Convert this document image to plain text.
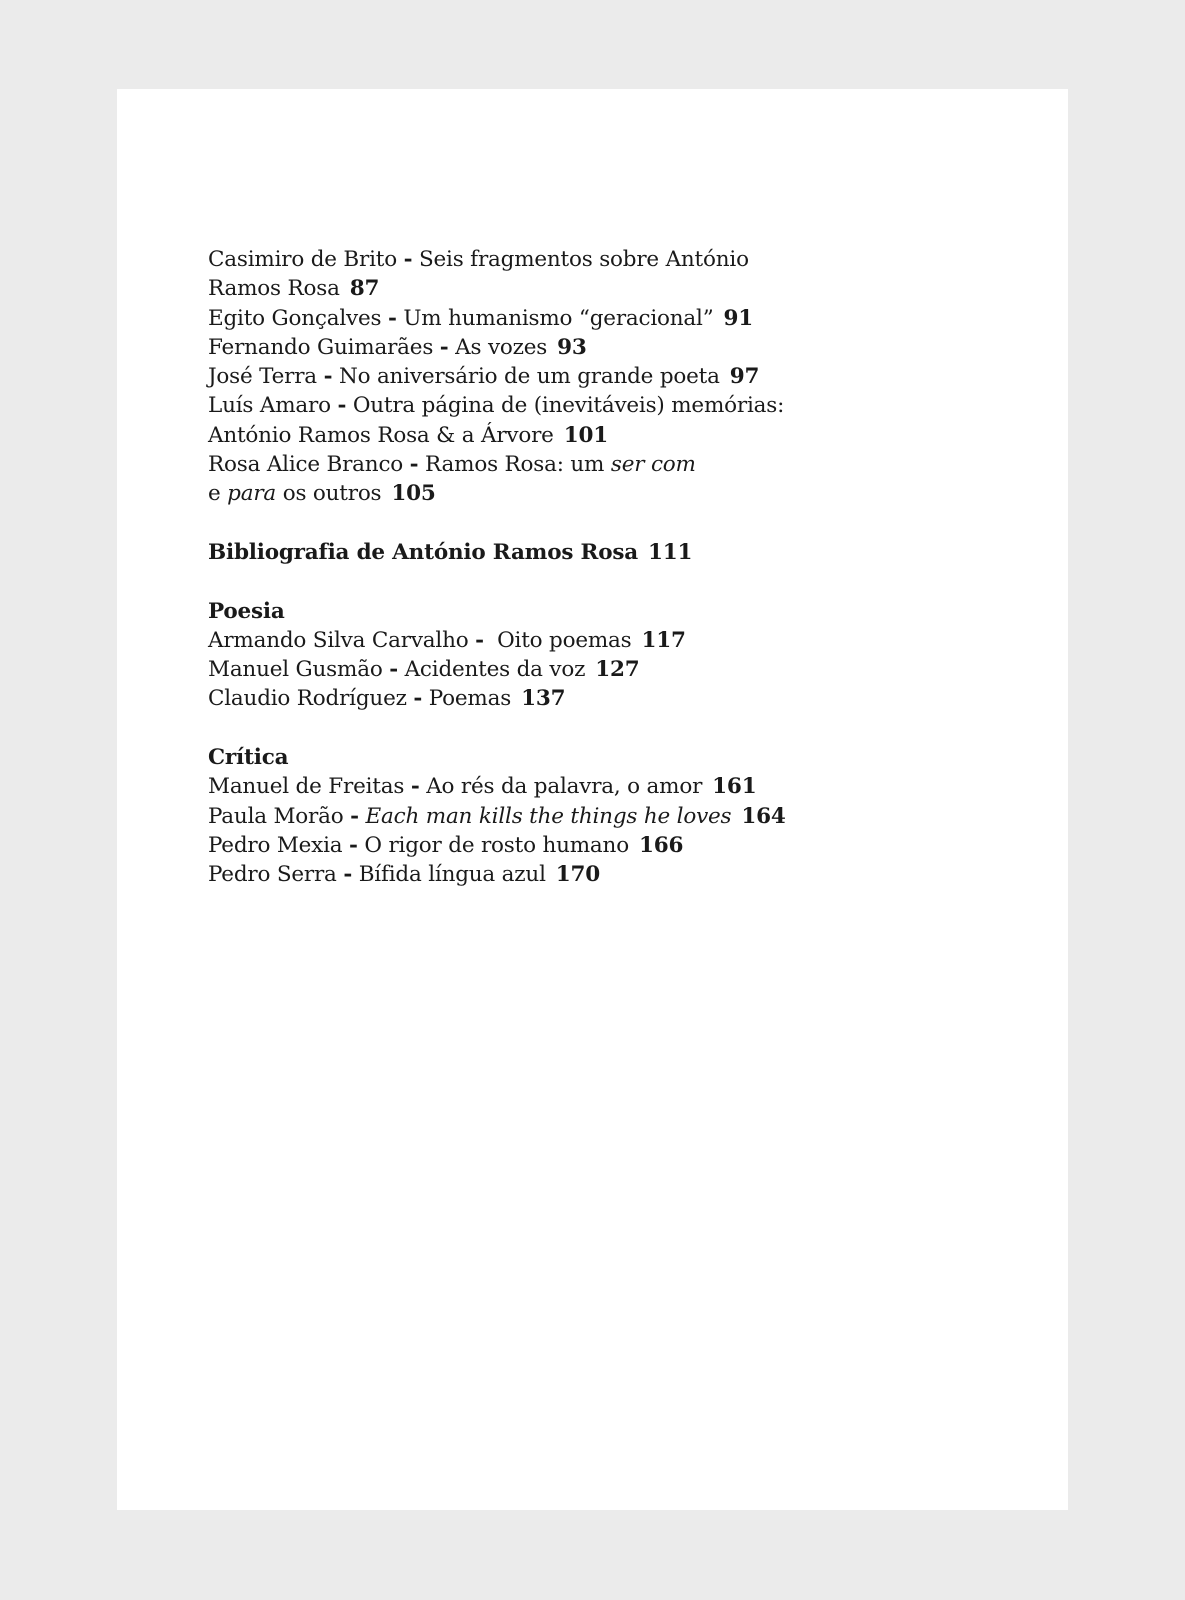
Casimiro de Brito - Seis fragmentos sobre António
Ramos Rosa 87
Egito Gonçalves - Um humanismo “geracional” 91
Fernando Guimarães - As vozes 93
José Terra - No aniversário de um grande poeta 97
Luís Amaro - Outra página de (inevitáveis) memórias:
António Ramos Rosa & a Árvore 101
Rosa Alice Branco - Ramos Rosa: um ser com
e para os outros 105
Bibliografia de António Ramos Rosa 111
Poesia
Armando Silva Carvalho -  Oito poemas 117
Manuel Gusmão - Acidentes da voz 127
Claudio Rodríguez - Poemas 137
Crítica
Manuel de Freitas - Ao rés da palavra, o amor 161
Paula Morão - Each man kills the things he loves 164
Pedro Mexia - O rigor de rosto humano 166
Pedro Serra - Bífida língua azul 170
